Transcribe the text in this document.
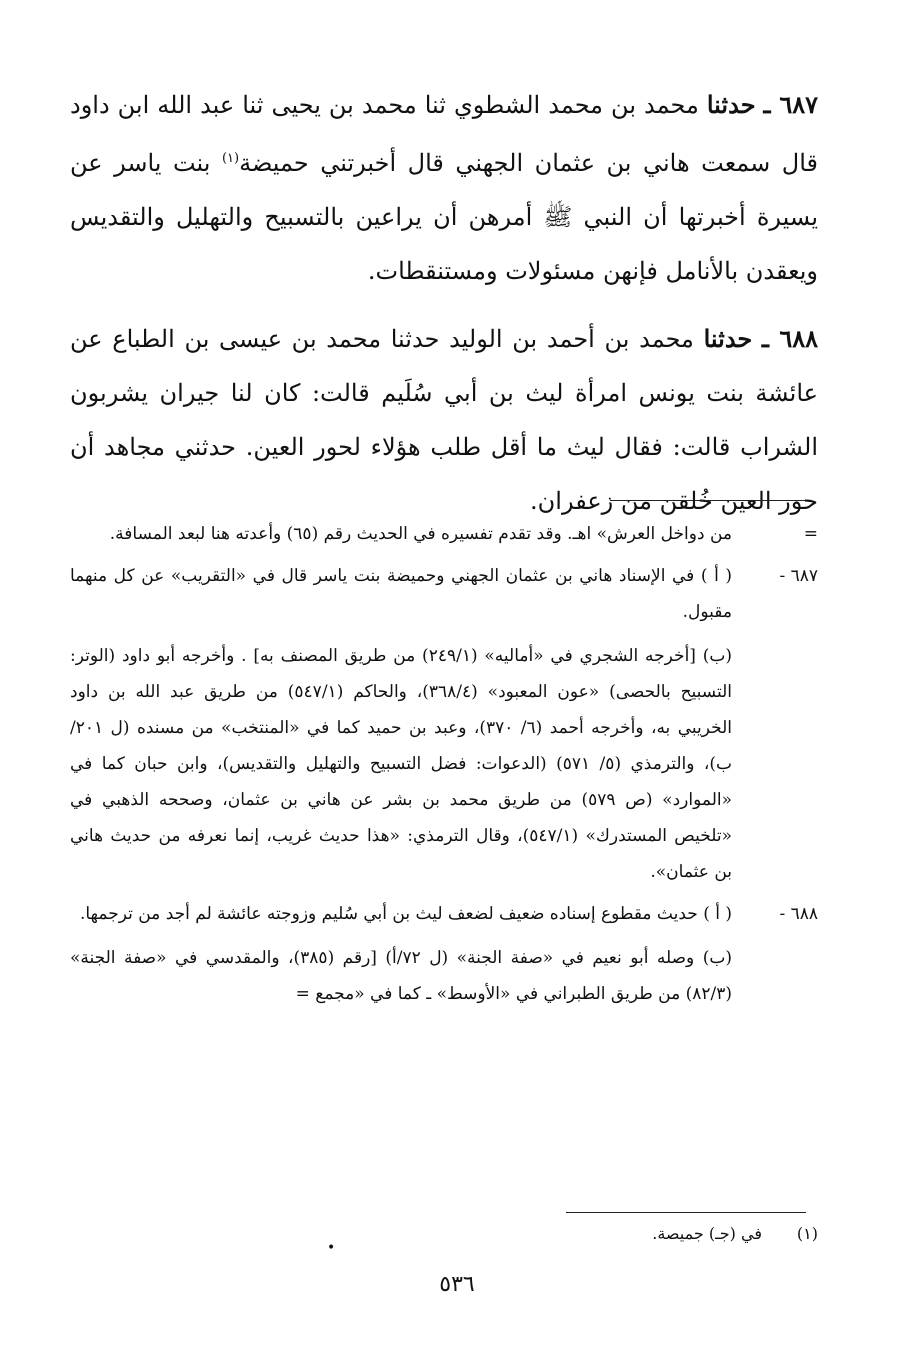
٦٨٧ ـ حدثنا محمد بن محمد الشطوي ثنا محمد بن يحيى ثنا عبد الله ابن داود قال سمعت هاني بن عثمان الجهني قال أخبرتني حميضة$^{(١)}$ بنت ياسر عن يسيرة أخبرتها أن النبي ﷺ أمرهن أن يراعين بالتسبيح والتهليل والتقديس ويعقدن بالأنامل فإنهن مسئولات ومستنقطات.

٦٨٨ ـ حدثنا محمد بن أحمد بن الوليد حدثنا محمد بن عيسى بن الطباع عن عائشة بنت يونس امرأة ليث بن أبي سُلَيم قالت: كان لنا جيران يشربون الشراب قالت: فقال ليث ما أقل طلب هؤلاء لحور العين. حدثني مجاهد أن حور العين خُلقن من زعفران.

=
من دواخل العرش» اهـ. وقد تقدم تفسيره في الحديث رقم (٦٥) وأعدته هنا لبعد المسافة.
٦٨٧ -
( أ ) في الإسناد هاني بن عثمان الجهني وحميضة بنت ياسر قال في «التقريب» عن كل منهما مقبول.
(ب) [أخرجه الشجري في «أماليه» (٢٤٩/١) من طريق المصنف به] . وأخرجه أبو داود (الوتر: التسبيح بالحصى) «عون المعبود» (٣٦٨/٤)، والحاكم (٥٤٧/١) من طريق عبد الله بن داود الخريبي به، وأخرجه أحمد (٦/ ٣٧٠)، وعبد بن حميد كما في «المنتخب» من مسنده (ل ٢٠١/ ب)، والترمذي (٥/ ٥٧١) (الدعوات: فضل التسبيح والتهليل والتقديس)، وابن حبان كما في «الموارد» (ص ٥٧٩) من طريق محمد بن بشر عن هاني بن عثمان، وصححه الذهبي في «تلخيص المستدرك» (٥٤٧/١)، وقال الترمذي: «هذا حديث غريب، إنما نعرفه من حديث هاني بن عثمان».
٦٨٨ -
( أ ) حديث مقطوع إسناده ضعيف لضعف ليث بن أبي سُليم وزوجته عائشة لم أجد من ترجمها.
(ب) وصله أبو نعيم في «صفة الجنة» (ل ٧٢/أ) [رقم (٣٨٥)، والمقدسي في «صفة الجنة» (٨٢/٣) من طريق الطبراني في «الأوسط» ـ كما في «مجمع =
(١)في (جـ) جميصة.
•
٥٣٦
